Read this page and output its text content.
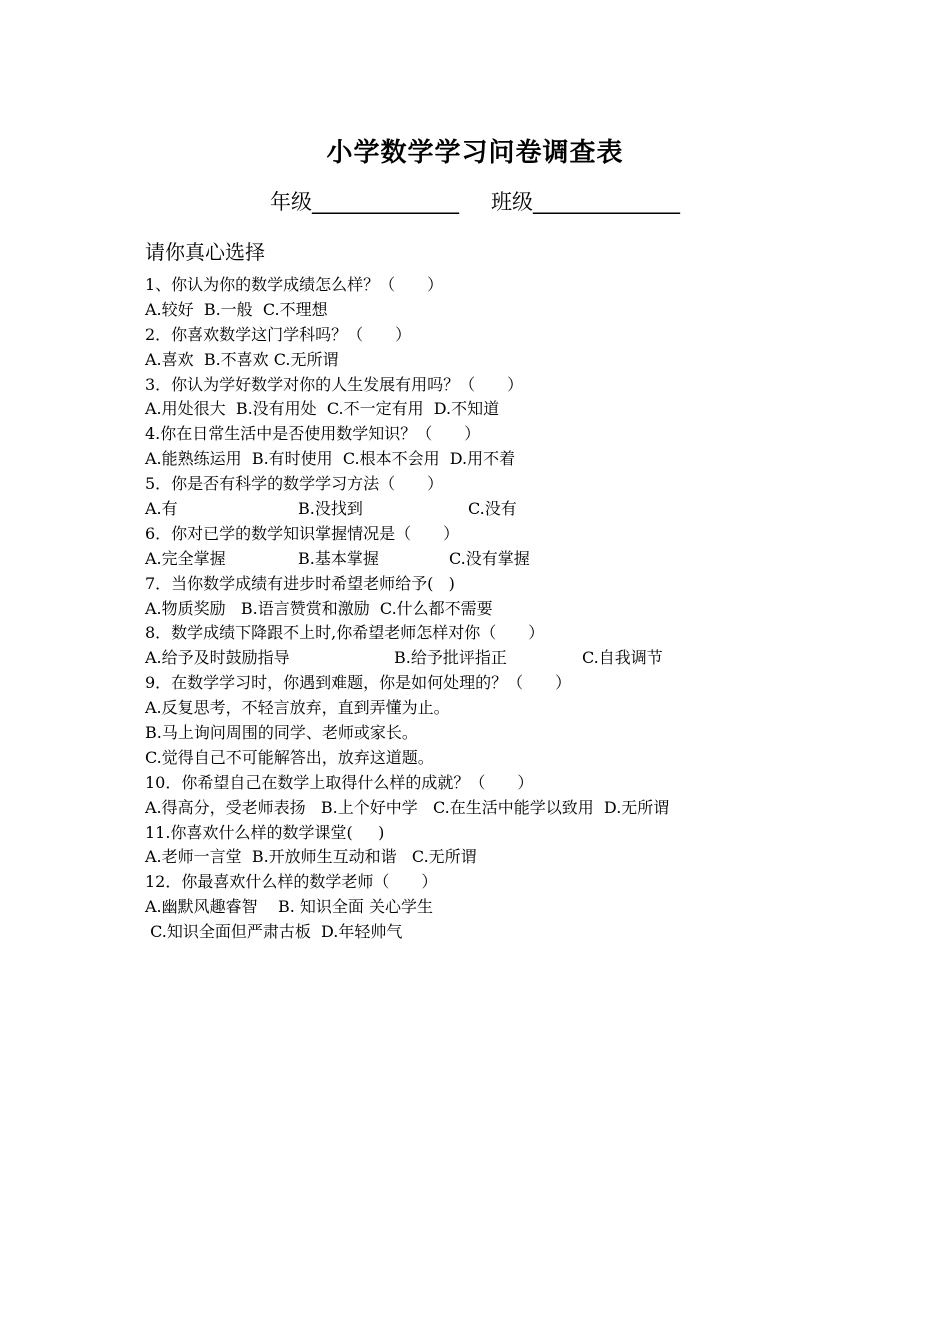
小学数学学习问卷调查表
年级______________ 班级______________
请你真心选择
1、你认为你的数学成绩怎么样？（　　）
A.较好  B.一般  C.不理想
2．你喜欢数学这门学科吗？（　　）
A.喜欢  B.不喜欢 C.无所谓
3．你认为学好数学对你的人生发展有用吗？（　　）
A.用处很大  B.没有用处  C.不一定有用  D.不知道
4.你在日常生活中是否使用数学知识？（　　）
A.能熟练运用  B.有时使用  C.根本不会用  D.用不着
5．你是否有科学的数学学习方法（　　）
A.有	B.没找到	C.没有
6．你对已学的数学知识掌握情况是（　　）
A.完全掌握	B.基本掌握	C.没有掌握
7．当你数学成绩有进步时希望老师给予(   )
A.物质奖励   B.语言赞赏和激励  C.什么都不需要
8．数学成绩下降跟不上时,你希望老师怎样对你（　　）
A.给予及时鼓励指导	B.给予批评指正	C.自我调节
9．在数学学习时，你遇到难题，你是如何处理的？（　　）
A.反复思考，不轻言放弃，直到弄懂为止。
B.马上询问周围的同学、老师或家长。
C.觉得自己不可能解答出，放弃这道题。
10．你希望自己在数学上取得什么样的成就？（　　）
A.得高分，受老师表扬   B.上个好中学   C.在生活中能学以致用  D.无所谓
11.你喜欢什么样的数学课堂(     )
A.老师一言堂  B.开放师生互动和谐   C.无所谓
12．你最喜欢什么样的数学老师（　　）
A.幽默风趣睿智    B. 知识全面 关心学生
C.知识全面但严肃古板  D.年轻帅气
